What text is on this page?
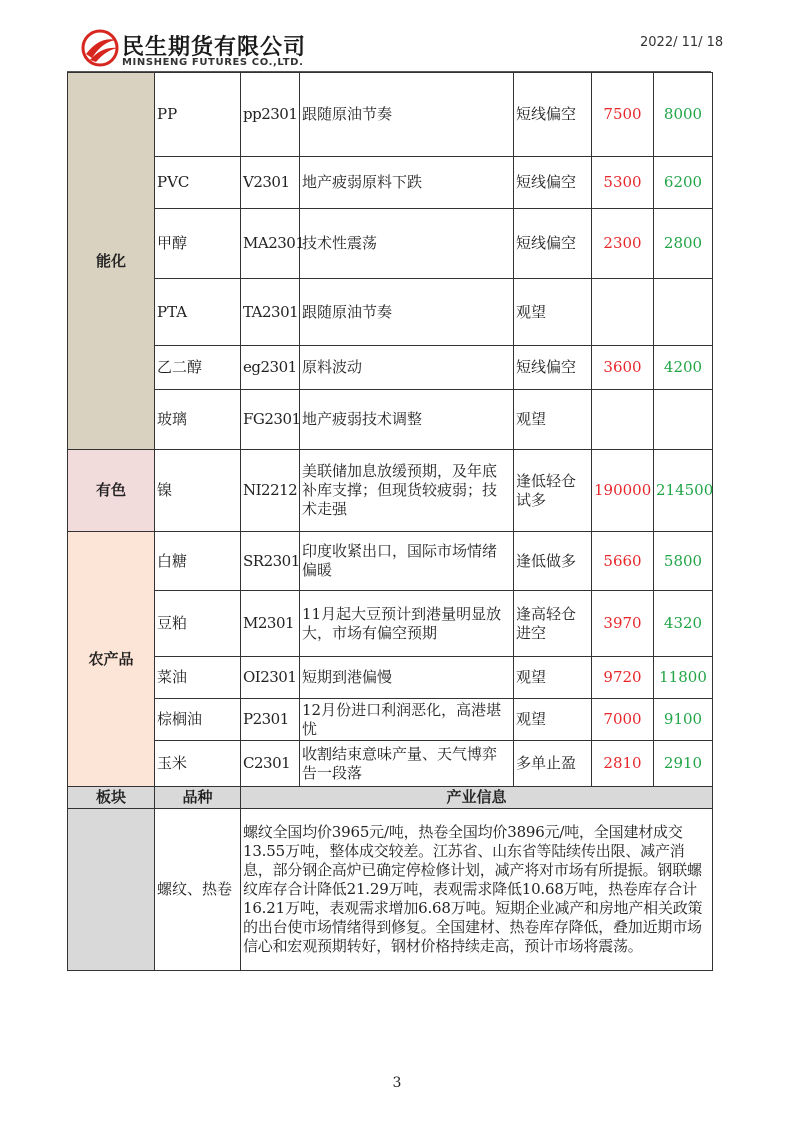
民生期货有限公司
MINSHENG FUTURES CO.,LTD.
2022/ 11/ 18
能化	PP	pp2301	跟随原油节奏	短线偏空	7500	8000
	PVC	V2301	地产疲弱原料下跌	短线偏空	5300	6200
	甲醇	MA2301	技术性震荡	短线偏空	2300	2800
	PTA	TA2301	跟随原油节奏	观望		
	乙二醇	eg2301	原料波动	短线偏空	3600	4200
	玻璃	FG2301	地产疲弱技术调整	观望		
有色	镍	NI2212	美联储加息放缓预期，及年底补库支撑；但现货较疲弱；技术走强	逢低轻仓试多	190000	214500
农产品	白糖	SR2301	印度收紧出口，国际市场情绪偏暖	逢低做多	5660	5800
	豆粕	M2301	11月起大豆预计到港量明显放大，市场有偏空预期	逢高轻仓进空	3970	4320
	菜油	OI2301	短期到港偏慢	观望	9720	11800
	棕榈油	P2301	12月份进口利润恶化，高港堪忧	观望	7000	9100
	玉米	C2301	收割结束意味产量、天气博弈告一段落	多单止盈	2810	2910
板块	品种	产业信息				
	螺纹、热卷	螺纹全国均价3965元/吨，热卷全国均价3896元/吨，全国建材成交13.55万吨，整体成交较差。江苏省、山东省等陆续传出限、减产消息，部分钢企高炉已确定停检修计划，减产将对市场有所提振。钢联螺纹库存合计降低21.29万吨，表观需求降低10.68万吨，热卷库存合计16.21万吨，表观需求增加6.68万吨。短期企业减产和房地产相关政策的出台使市场情绪得到修复。全国建材、热卷库存降低，叠加近期市场信心和宏观预期转好，钢材价格持续走高，预计市场将震荡。				
3
